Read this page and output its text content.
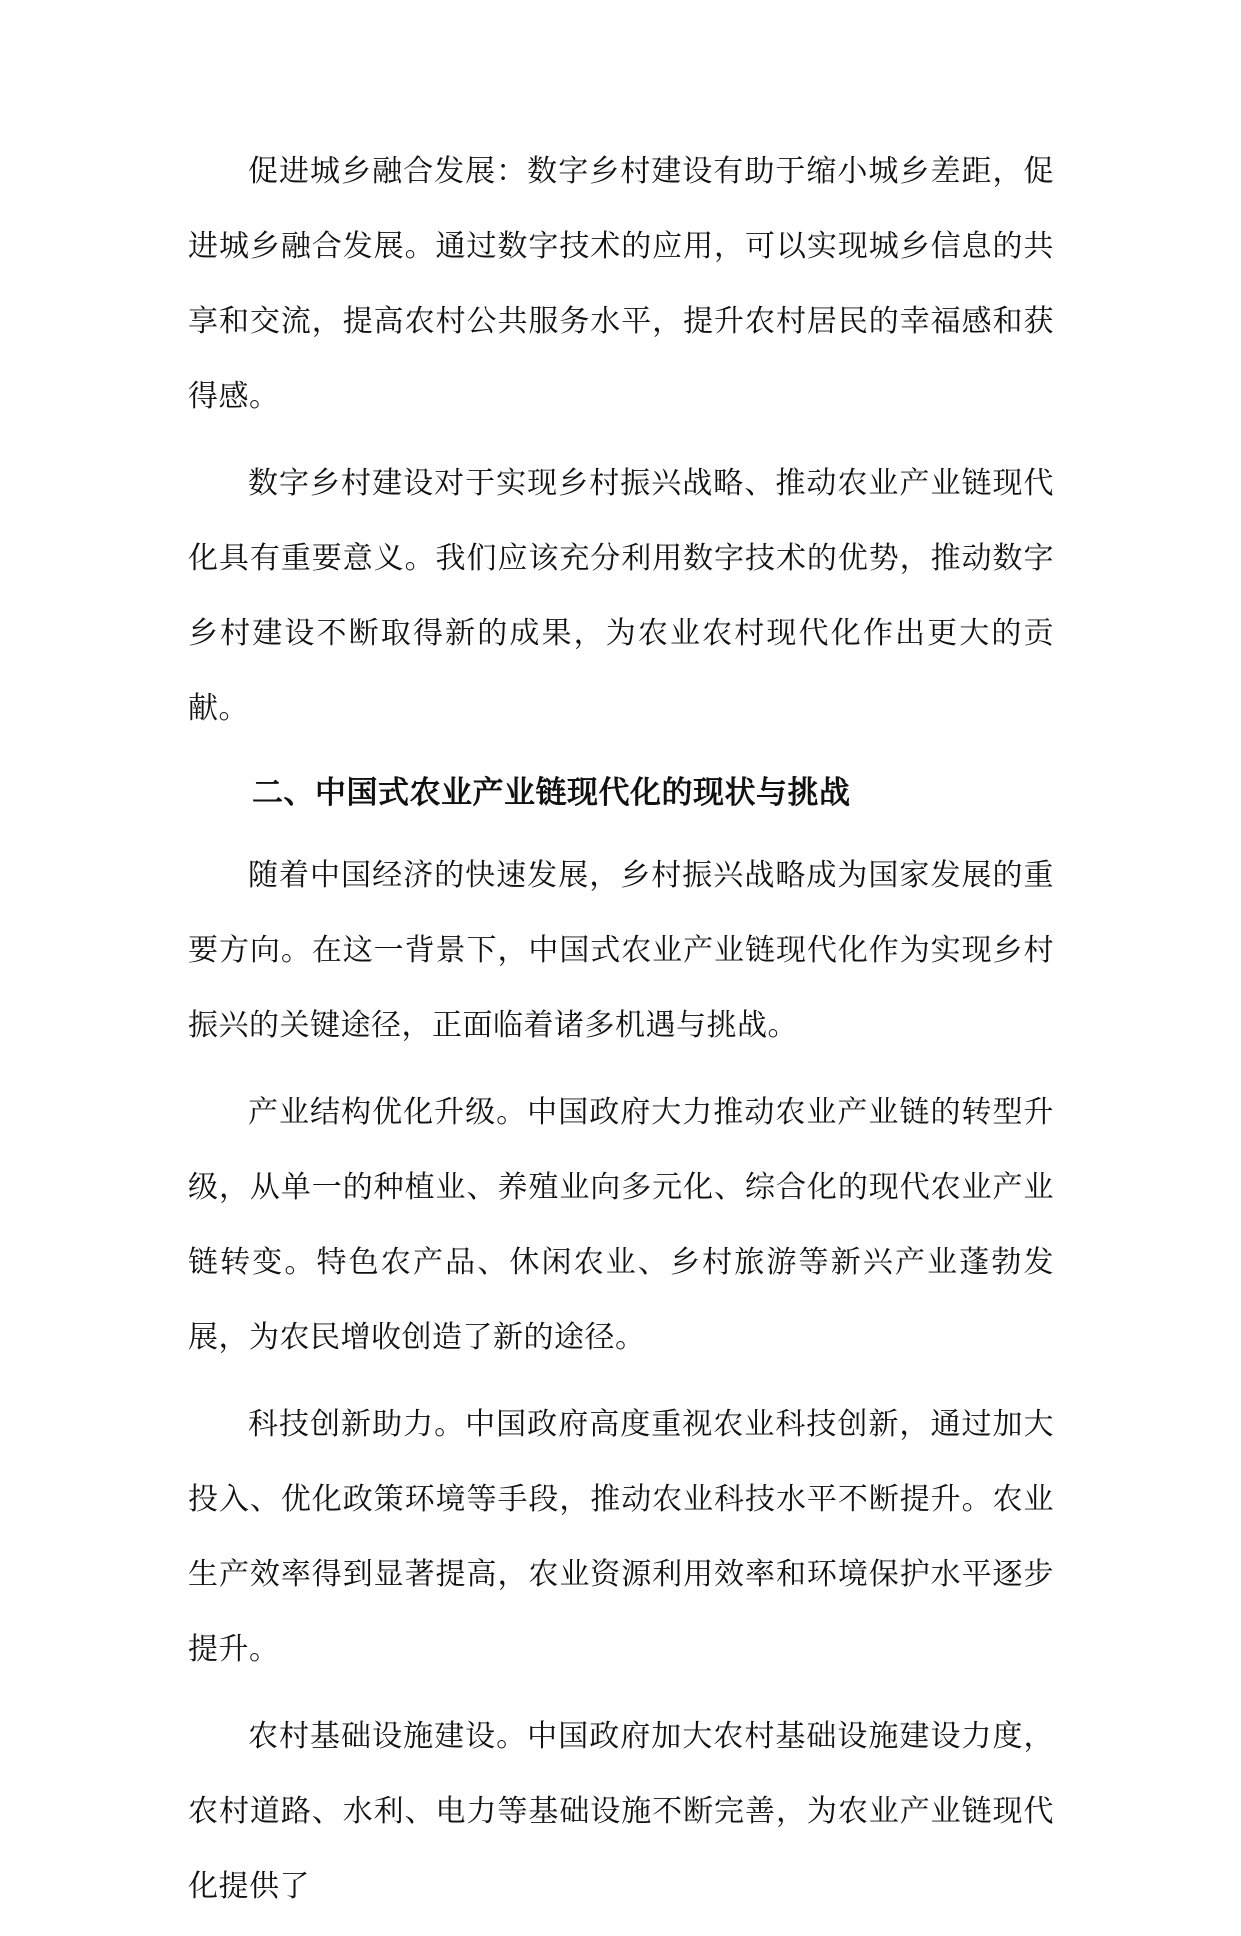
促进城乡融合发展：数字乡村建设有助于缩小城乡差距，促进城乡融合发展。通过数字技术的应用，可以实现城乡信息的共享和交流，提高农村公共服务水平，提升农村居民的幸福感和获得感。

数字乡村建设对于实现乡村振兴战略、推动农业产业链现代化具有重要意义。我们应该充分利用数字技术的优势，推动数字乡村建设不断取得新的成果，为农业农村现代化作出更大的贡献。

二、中国式农业产业链现代化的现状与挑战

随着中国经济的快速发展，乡村振兴战略成为国家发展的重要方向。在这一背景下，中国式农业产业链现代化作为实现乡村振兴的关键途径，正面临着诸多机遇与挑战。

产业结构优化升级。中国政府大力推动农业产业链的转型升级，从单一的种植业、养殖业向多元化、综合化的现代农业产业链转变。特色农产品、休闲农业、乡村旅游等新兴产业蓬勃发展，为农民增收创造了新的途径。

科技创新助力。中国政府高度重视农业科技创新，通过加大投入、优化政策环境等手段，推动农业科技水平不断提升。农业生产效率得到显著提高，农业资源利用效率和环境保护水平逐步提升。

农村基础设施建设。中国政府加大农村基础设施建设力度，农村道路、水利、电力等基础设施不断完善，为农业产业链现代化提供了
